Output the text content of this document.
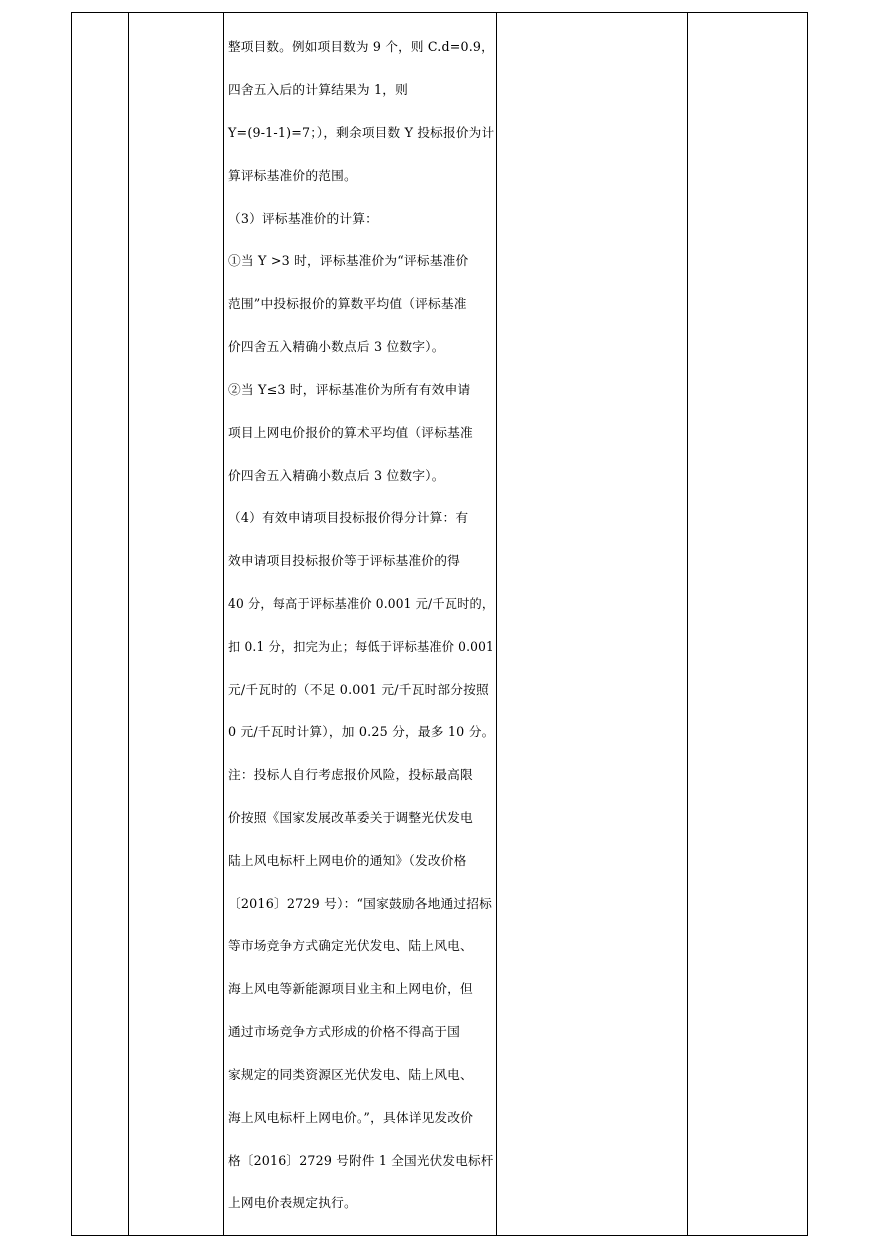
整项目数。例如项目数为 9 个，则 C.d=0.9，

四舍五入后的计算结果为 1，则

Y=(9-1-1)=7；），剩余项目数 Y 投标报价为计

算评标基准价的范围。

（3）评标基准价的计算：

①当 Y >3 时，评标基准价为“评标基准价

范围”中投标报价的算数平均值（评标基准

价四舍五入精确小数点后 3 位数字）。

②当 Y≤3 时，评标基准价为所有有效申请

项目上网电价报价的算术平均值（评标基准

价四舍五入精确小数点后 3 位数字）。

（4）有效申请项目投标报价得分计算：有

效申请项目投标报价等于评标基准价的得

40 分，每高于评标基准价 0.001 元/千瓦时的，

扣 0.1 分，扣完为止；每低于评标基准价 0.001

元/千瓦时的（不足 0.001 元/千瓦时部分按照

0 元/千瓦时计算），加 0.25 分，最多 10 分。

注：投标人自行考虑报价风险，投标最高限

价按照《国家发展改革委关于调整光伏发电

陆上风电标杆上网电价的通知》（发改价格

〔2016〕2729 号）：“国家鼓励各地通过招标

等市场竞争方式确定光伏发电、陆上风电、

海上风电等新能源项目业主和上网电价，但

通过市场竞争方式形成的价格不得高于国

家规定的同类资源区光伏发电、陆上风电、

海上风电标杆上网电价。”，具体详见发改价

格〔2016〕2729 号附件 1 全国光伏发电标杆

上网电价表规定执行。
